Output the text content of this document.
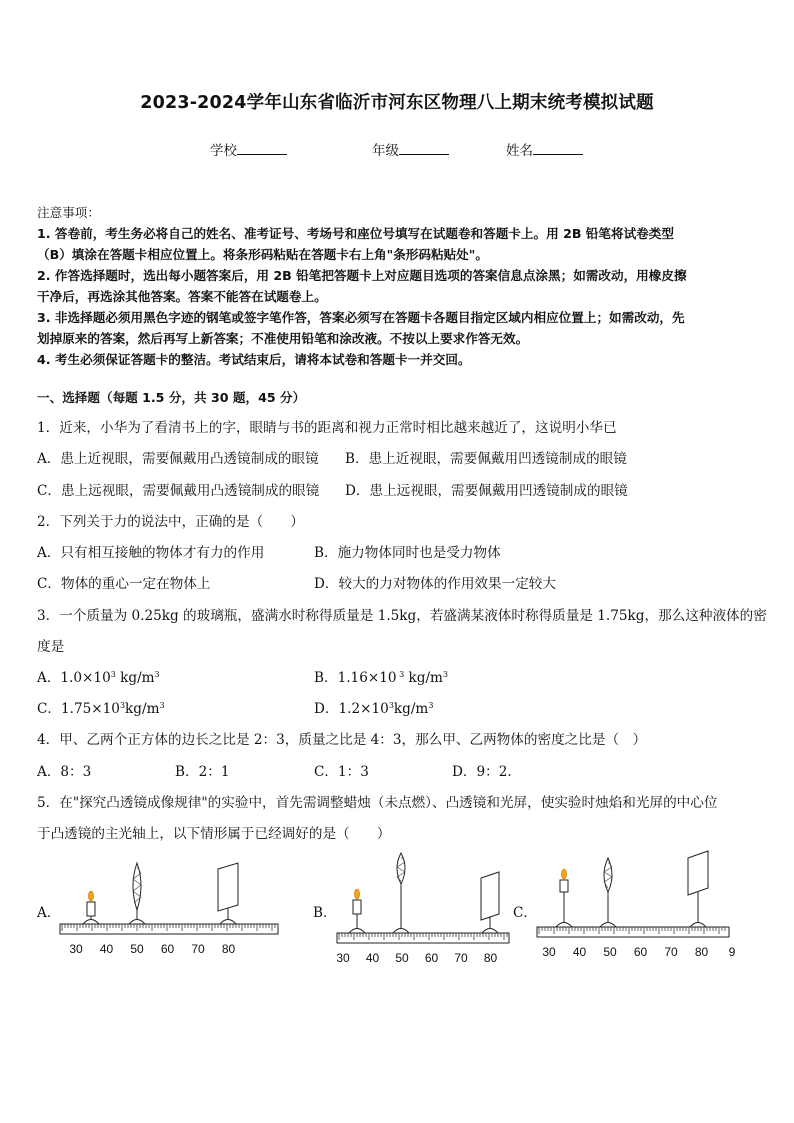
2023-2024学年山东省临沂市河东区物理八上期末统考模拟试题
学校	年级	姓名
注意事项：
1. 答卷前，考生务必将自己的姓名、准考证号、考场号和座位号填写在试题卷和答题卡上。用 2B 铅笔将试卷类型
（B）填涂在答题卡相应位置上。将条形码粘贴在答题卡右上角"条形码粘贴处"。
2. 作答选择题时，选出每小题答案后，用 2B 铅笔把答题卡上对应题目选项的答案信息点涂黑；如需改动，用橡皮擦
干净后，再选涂其他答案。答案不能答在试题卷上。
3. 非选择题必须用黑色字迹的钢笔或签字笔作答，答案必须写在答题卡各题目指定区域内相应位置上；如需改动，先
划掉原来的答案，然后再写上新答案；不准使用铅笔和涂改液。不按以上要求作答无效。
4. 考生必须保证答题卡的整洁。考试结束后，请将本试卷和答题卡一并交回。
一、选择题（每题 1.5 分，共 30 题，45 分）
1．近来，小华为了看清书上的字，眼睛与书的距离和视力正常时相比越来越近了，这说明小华已
A．患上近视眼，需要佩戴用凸透镜制成的眼镜 B．患上近视眼，需要佩戴用凹透镜制成的眼镜
C．患上远视眼，需要佩戴用凸透镜制成的眼镜 D．患上远视眼，需要佩戴用凹透镜制成的眼镜
2．下列关于力的说法中，正确的是（　　）
A．只有相互接触的物体才有力的作用	B．施力物体同时也是受力物体
C．物体的重心一定在物体上	D．较大的力对物体的作用效果一定较大
3．一个质量为 0.25kg 的玻璃瓶，盛满水时称得质量是 1.5kg，若盛满某液体时称得质量是 1.75kg，那么这种液体的密
度是
A．$1.0\times 10^3$ $kg/m^3$	B．1.16×10 $^3$ $kg/m^3$
C．$1.75\times 10^3kg/m^3$	D．$1.2\times 10^3kg/m^3$
4．甲、乙两个正方体的边长之比是 2：3，质量之比是 4：3，那么甲、乙两物体的密度之比是（　）
A．8：3	B．2：1	C．1：3	D．9：2.
5．在"探究凸透镜成像规律"的实验中，首先需调整蜡烛（未点燃）、凸透镜和光屏，使实验时烛焰和光屏的中心位
于凸透镜的主光轴上，以下情形属于已经调好的是（　　）
A．	B．	C．
30 40 50 60 70 80
30 40 50 60 70 80	30 40 50 60 70 80 9
